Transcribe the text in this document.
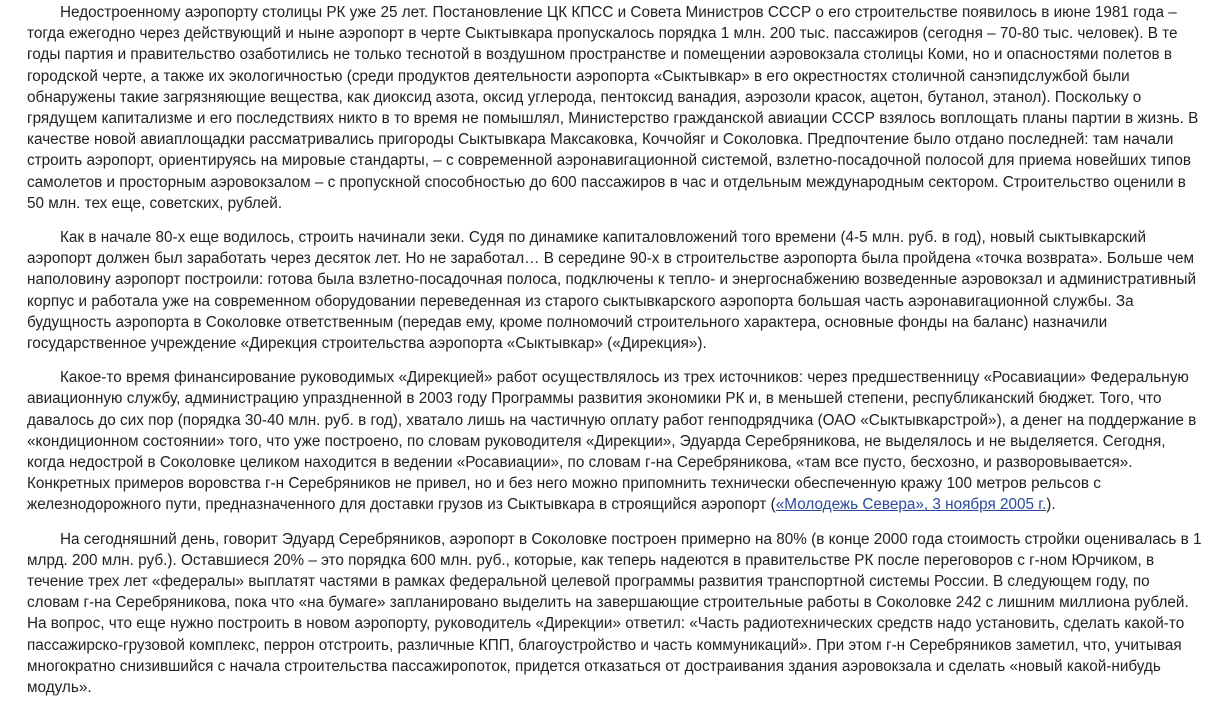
Недостроенному аэропорту столицы РК уже 25 лет. Постановление ЦК КПСС и Совета Министров СССР о его строительстве появилось в июне 1981 года – тогда ежегодно через действующий и ныне аэропорт в черте Сыктывкара пропускалось порядка 1 млн. 200 тыс. пассажиров (сегодня – 70-80 тыс. человек). В те годы партия и правительство озаботились не только теснотой в воздушном пространстве и помещении аэровокзала столицы Коми, но и опасностями полетов в городской черте, а также их экологичностью (среди продуктов деятельности аэропорта «Сыктывкар» в его окрестностях столичной санэпидслужбой были обнаружены такие загрязняющие вещества, как диоксид азота, оксид углерода, пентоксид ванадия, аэрозоли красок, ацетон, бутанол, этанол). Поскольку о грядущем капитализме и его последствиях никто в то время не помышлял, Министерство гражданской авиации СССР взялось воплощать планы партии в жизнь. В качестве новой авиаплощадки рассматривались пригороды Сыктывкара Максаковка, Коччойяг и Соколовка. Предпочтение было отдано последней: там начали строить аэропорт, ориентируясь на мировые стандарты, – с современной аэронавигационной системой, взлетно-посадочной полосой для приема новейших типов самолетов и просторным аэровокзалом – с пропускной способностью до 600 пассажиров в час и отдельным международным сектором. Строительство оценили в 50 млн. тех еще, советских, рублей.

Как в начале 80-х еще водилось, строить начинали зеки. Судя по динамике капиталовложений того времени (4-5 млн. руб. в год), новый сыктывкарский аэропорт должен был заработать через десяток лет. Но не заработал… В середине 90-х в строительстве аэропорта была пройдена «точка возврата». Больше чем наполовину аэропорт построили: готова была взлетно-посадочная полоса, подключены к тепло- и энергоснабжению возведенные аэровокзал и административный корпус и работала уже на современном оборудовании переведенная из старого сыктывкарского аэропорта большая часть аэронавигационной службы. За будущность аэропорта в Соколовке ответственным (передав ему, кроме полномочий строительного характера, основные фонды на баланс) назначили государственное учреждение «Дирекция строительства аэропорта «Сыктывкар» («Дирекция»).

Какое-то время финансирование руководимых «Дирекцией» работ осуществлялось из трех источников: через предшественницу «Росавиации» Федеральную авиационную службу, администрацию упраздненной в 2003 году Программы развития экономики РК и, в меньшей степени, республиканский бюджет. Того, что давалось до сих пор (порядка 30-40 млн. руб. в год), хватало лишь на частичную оплату работ генподрядчика (ОАО «Сыктывкарстрой»), а денег на поддержание в «кондиционном состоянии» того, что уже построено, по словам руководителя «Дирекции», Эдуарда Серебряникова, не выделялось и не выделяется. Сегодня, когда недострой в Соколовке целиком находится в ведении «Росавиации», по словам г-на Серебряникова, «там все пусто, бесхозно, и разворовывается». Конкретных примеров воровства г-н Серебряников не привел, но и без него можно припомнить технически обеспеченную кражу 100 метров рельсов с железнодорожного пути, предназначенного для доставки грузов из Сыктывкара в строящийся аэропорт («Молодежь Севера», 3 ноября 2005 г.).

На сегодняшний день, говорит Эдуард Серебряников, аэропорт в Соколовке построен примерно на 80% (в конце 2000 года стоимость стройки оценивалась в 1 млрд. 200 млн. руб.). Оставшиеся 20% – это порядка 600 млн. руб., которые, как теперь надеются в правительстве РК после переговоров с г-ном Юрчиком, в течение трех лет «федералы» выплатят частями в рамках федеральной целевой программы развития транспортной системы России. В следующем году, по словам г-на Серебряникова, пока что «на бумаге» запланировано выделить на завершающие строительные работы в Соколовке 242 с лишним миллиона рублей. На вопрос, что еще нужно построить в новом аэропорту, руководитель «Дирекции» ответил: «Часть радиотехнических средств надо установить, сделать какой-то пассажирско-грузовой комплекс, перрон отстроить, различные КПП, благоустройство и часть коммуникаций». При этом г-н Серебряников заметил, что, учитывая многократно снизившийся с начала строительства пассажиропоток, придется отказаться от достраивания здания аэровокзала и сделать «новый какой-нибудь модуль».
